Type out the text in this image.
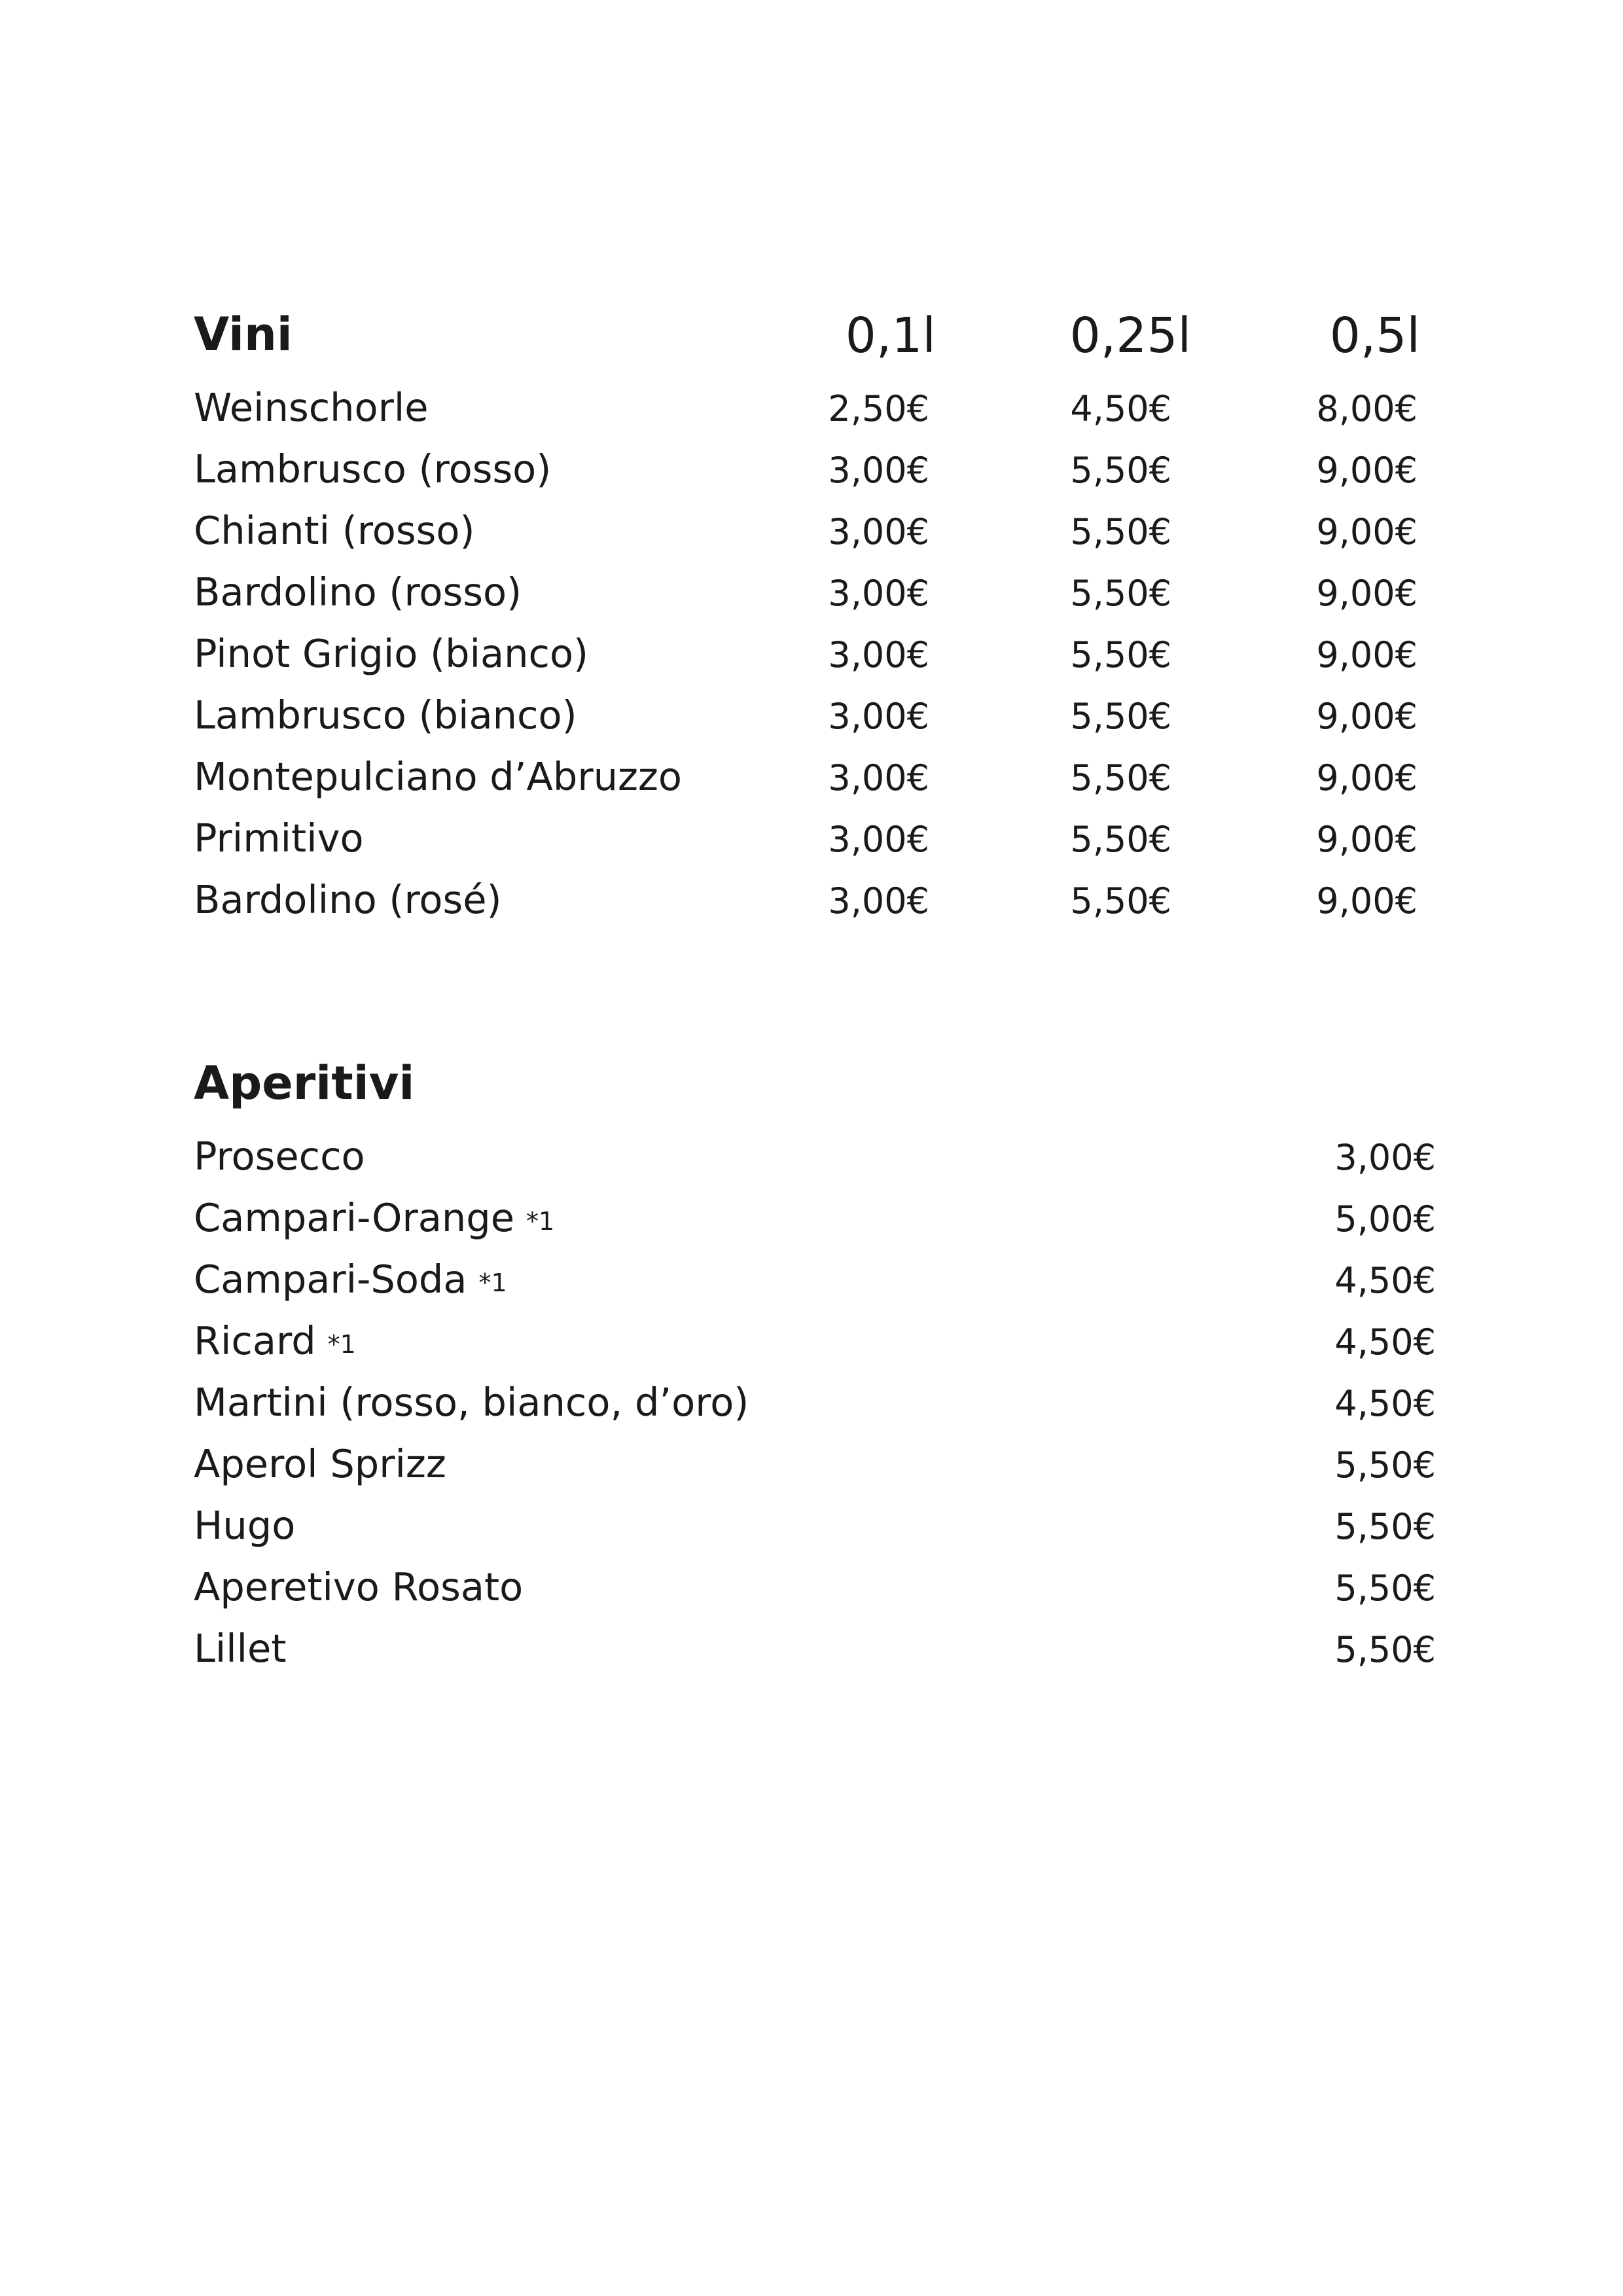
Vini	0,1l	0,25l	0,5l
Weinschorle	2,50€	4,50€	8,00€
Lambrusco (rosso)	3,00€	5,50€	9,00€
Chianti (rosso)	3,00€	5,50€	9,00€
Bardolino (rosso)	3,00€	5,50€	9,00€
Pinot Grigio (bianco)	3,00€	5,50€	9,00€
Lambrusco (bianco)	3,00€	5,50€	9,00€
Montepulciano d’Abruzzo	3,00€	5,50€	9,00€
Primitivo	3,00€	5,50€	9,00€
Bardolino (rosé)	3,00€	5,50€	9,00€
Aperitivi
Prosecco	3,00€
Campari-Orange *1	5,00€
Campari-Soda *1	4,50€
Ricard *1	4,50€
Martini (rosso, bianco, d’oro)	4,50€
Aperol Sprizz	5,50€
Hugo	5,50€
Aperetivo Rosato	5,50€
Lillet	5,50€
